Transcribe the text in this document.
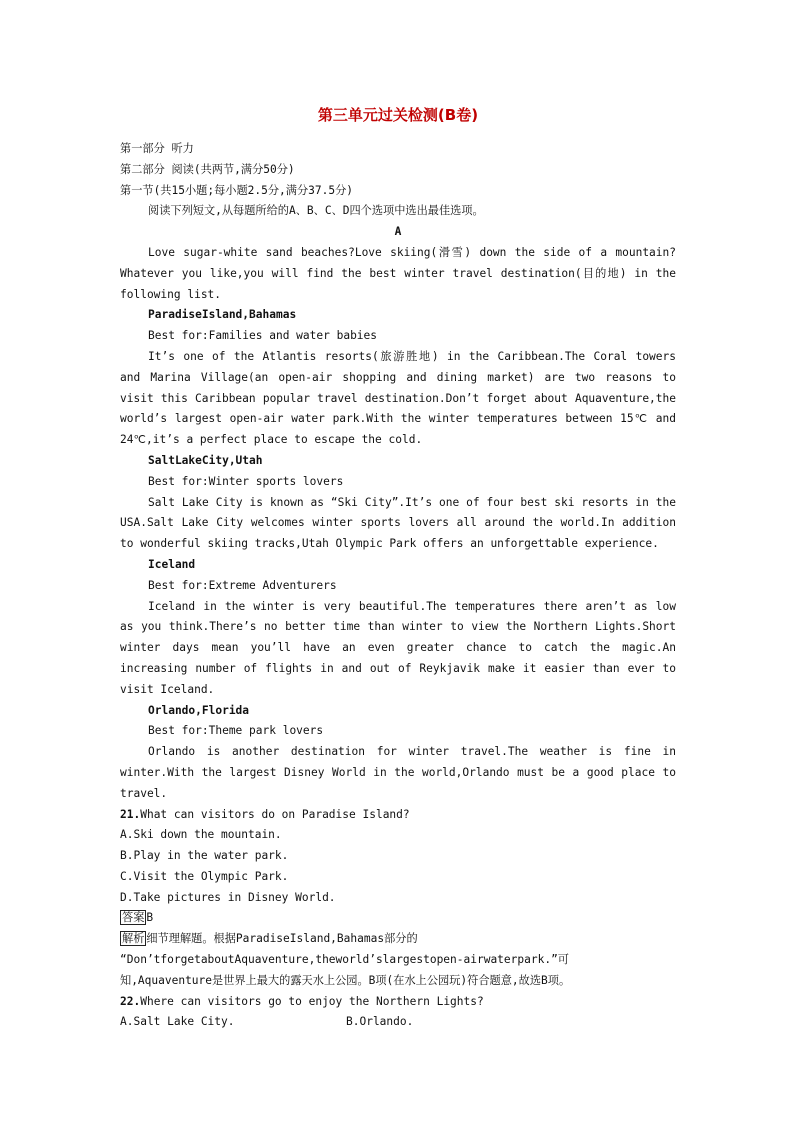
第三单元过关检测(B卷)
第一部分 听力
第二部分 阅读(共两节,满分50分)
第一节(共15小题;每小题2.5分,满分37.5分)
阅读下列短文,从每题所给的A、B、C、D四个选项中选出最佳选项。
A

Love sugar-white sand beaches?Love skiing(滑雪) down the side of a mountain?Whatever you like,you will find the best winter travel destination(目的地) in the following list.

ParadiseIsland,Bahamas
Best for:Families and water babies

It’s one of the Atlantis resorts(旅游胜地) in the Caribbean.The Coral towers and Marina Village(an open-air shopping and dining market) are two reasons to visit this Caribbean popular travel destination.Don’t forget about Aquaventure,the world’s largest open-air water park.With the winter temperatures between 15℃ and 24℃,it’s a perfect place to escape the cold.

SaltLakeCity,Utah
Best for:Winter sports lovers

Salt Lake City is known as “Ski City”.It’s one of four best ski resorts in the USA.Salt Lake City welcomes winter sports lovers all around the world.In addition to wonderful skiing tracks,Utah Olympic Park offers an unforgettable experience.

Iceland
Best for:Extreme Adventurers

Iceland in the winter is very beautiful.The temperatures there aren’t as low as you think.There’s no better time than winter to view the Northern Lights.Short winter days mean you’ll have an even greater chance to catch the magic.An increasing number of flights in and out of Reykjavik make it easier than ever to visit Iceland.

Orlando,Florida
Best for:Theme park lovers

Orlando is another destination for winter travel.The weather is fine in winter.With the largest Disney World in the world,Orlando must be a good place to travel.

21.What can visitors do on Paradise Island?
A.Ski down the mountain.
B.Play in the water park.
C.Visit the Olympic Park.
D.Take pictures in Disney World.
答案 B
解析 细节理解题。根据ParadiseIsland,Bahamas部分的
“Don’tforgetaboutAquaventure,theworld’slargestopen-airwaterpark.”可
知,Aquaventure是世界上最大的露天水上公园。B项(在水上公园玩)符合题意,故选B项。
22.Where can visitors go to enjoy the Northern Lights?
A.Salt Lake City.	B.Orlando.
